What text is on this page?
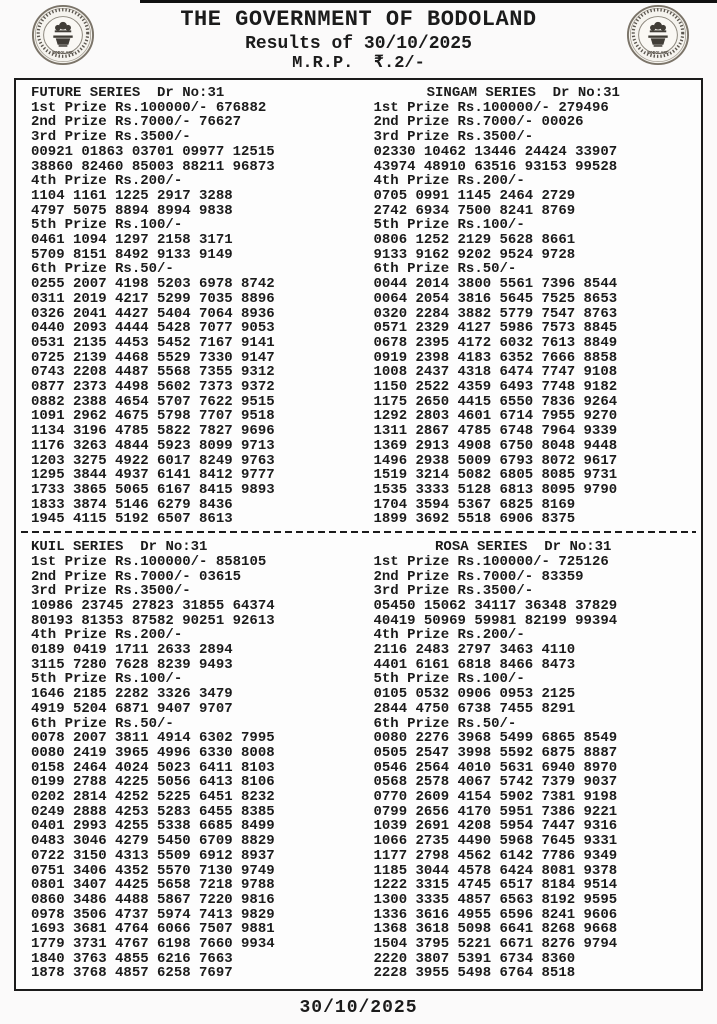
BODOLAND
THE GOVERNMENT OF BODOLAND
Results of 30/10/2025
M.R.P.  ₹.2/-
BODOLAND
FUTURE SERIES Dr No:31
1st Prize Rs.100000/- 676882
2nd Prize Rs.7000/- 76627
3rd Prize Rs.3500/-
00921 01863 03701 09977 12515
38860 82460 85003 88211 96873
4th Prize Rs.200/-
1104 1161 1225 2917 3288
4797 5075 8894 8994 9838
5th Prize Rs.100/-
0461 1094 1297 2158 3171
5709 8151 8492 9133 9149
6th Prize Rs.50/-
0255 2007 4198 5203 6978 8742
0311 2019 4217 5299 7035 8896
0326 2041 4427 5404 7064 8936
0440 2093 4444 5428 7077 9053
0531 2135 4453 5452 7167 9141
0725 2139 4468 5529 7330 9147
0743 2208 4487 5568 7355 9312
0877 2373 4498 5602 7373 9372
0882 2388 4654 5707 7622 9515
1091 2962 4675 5798 7707 9518
1134 3196 4785 5822 7827 9696
1176 3263 4844 5923 8099 9713
1203 3275 4922 6017 8249 9763
1295 3844 4937 6141 8412 9777
1733 3865 5065 6167 8415 9893
1833 3874 5146 6279 8436
1945 4115 5192 6507 8613
SINGAM SERIES Dr No:31
1st Prize Rs.100000/- 279496
2nd Prize Rs.7000/- 00026
3rd Prize Rs.3500/-
02330 10462 13446 24424 33907
43974 48910 63516 93153 99528
4th Prize Rs.200/-
0705 0991 1145 2464 2729
2742 6934 7500 8241 8769
5th Prize Rs.100/-
0806 1252 2129 5628 8661
9133 9162 9202 9524 9728
6th Prize Rs.50/-
0044 2014 3800 5561 7396 8544
0064 2054 3816 5645 7525 8653
0320 2284 3882 5779 7547 8763
0571 2329 4127 5986 7573 8845
0678 2395 4172 6032 7613 8849
0919 2398 4183 6352 7666 8858
1008 2437 4318 6474 7747 9108
1150 2522 4359 6493 7748 9182
1175 2650 4415 6550 7836 9264
1292 2803 4601 6714 7955 9270
1311 2867 4785 6748 7964 9339
1369 2913 4908 6750 8048 9448
1496 2938 5009 6793 8072 9617
1519 3214 5082 6805 8085 9731
1535 3333 5128 6813 8095 9790
1704 3594 5367 6825 8169
1899 3692 5518 6906 8375
KUIL SERIES Dr No:31
1st Prize Rs.100000/- 858105
2nd Prize Rs.7000/- 03615
3rd Prize Rs.3500/-
10986 23745 27823 31855 64374
80193 81353 87582 90251 92613
4th Prize Rs.200/-
0189 0419 1711 2633 2894
3115 7280 7628 8239 9493
5th Prize Rs.100/-
1646 2185 2282 3326 3479
4919 5204 6871 9407 9707
6th Prize Rs.50/-
0078 2007 3811 4914 6302 7995
0080 2419 3965 4996 6330 8008
0158 2464 4024 5023 6411 8103
0199 2788 4225 5056 6413 8106
0202 2814 4252 5225 6451 8232
0249 2888 4253 5283 6455 8385
0401 2993 4255 5338 6685 8499
0483 3046 4279 5450 6709 8829
0722 3150 4313 5509 6912 8937
0751 3406 4352 5570 7130 9749
0801 3407 4425 5658 7218 9788
0860 3486 4488 5867 7220 9816
0978 3506 4737 5974 7413 9829
1693 3681 4764 6066 7507 9881
1779 3731 4767 6198 7660 9934
1840 3763 4855 6216 7663
1878 3768 4857 6258 7697
ROSA SERIES Dr No:31
1st Prize Rs.100000/- 725126
2nd Prize Rs.7000/- 83359
3rd Prize Rs.3500/-
05450 15062 34117 36348 37829
40419 50969 59981 82199 99394
4th Prize Rs.200/-
2116 2483 2797 3463 4110
4401 6161 6818 8466 8473
5th Prize Rs.100/-
0105 0532 0906 0953 2125
2844 4750 6738 7455 8291
6th Prize Rs.50/-
0080 2276 3968 5499 6865 8549
0505 2547 3998 5592 6875 8887
0546 2564 4010 5631 6940 8970
0568 2578 4067 5742 7379 9037
0770 2609 4154 5902 7381 9198
0799 2656 4170 5951 7386 9221
1039 2691 4208 5954 7447 9316
1066 2735 4490 5968 7645 9331
1177 2798 4562 6142 7786 9349
1185 3044 4578 6424 8081 9378
1222 3315 4745 6517 8184 9514
1300 3335 4857 6563 8192 9595
1336 3616 4955 6596 8241 9606
1368 3618 5098 6641 8268 9668
1504 3795 5221 6671 8276 9794
2220 3807 5391 6734 8360
2228 3955 5498 6764 8518
30/10/2025
